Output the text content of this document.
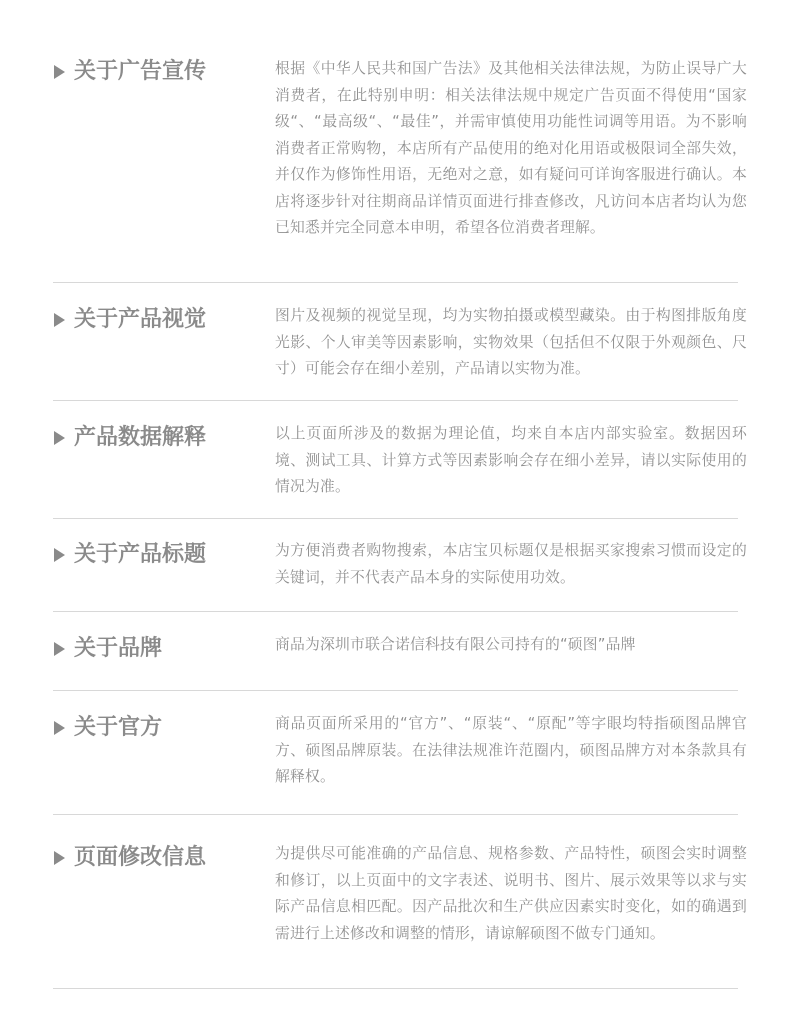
关于广告宣传	根据《中华人民共和国广告法》及其他相关法律法规，为防止误导广大消费者，在此特别申明：相关法律法规中规定广告页面不得使用“国家级“、“最高级“、“最佳”，并需审慎使用功能性词调等用语。为不影响消费者正常购物，本店所有产品使用的绝对化用语或极限词全部失效，并仅作为修饰性用语，无绝对之意，如有疑问可详询客服进行确认。本店将逐步针对往期商品详情页面进行排查修改，凡访问本店者均认为您已知悉并完全同意本申明，希望各位消费者理解。
关于产品视觉	图片及视频的视觉呈现，均为实物拍摄或模型藏染。由于构图排版角度光影、个人审美等因素影响，实物效果（包括但不仅限于外观颜色、尺寸）可能会存在细小差别，产品请以实物为准。
产品数据解释	以上页面所涉及的数据为理论值，均来自本店内部实验室。数据因环境、测试工具、计算方式等因素影响会存在细小差异，请以实际使用的情况为准。
关于产品标题	为方便消费者购物搜索，本店宝贝标题仅是根据买家搜索习惯而设定的关键词，并不代表产品本身的实际使用功效。
关于品牌	商品为深圳市联合诺信科技有限公司持有的“硕图”品牌
关于官方	商品页面所采用的“官方”、“原装“、“原配”等字眼均特指硕图品牌官方、硕图品牌原装。在法律法规准许范圈内，硕图品牌方对本条款具有解释权。
页面修改信息	为提供尽可能准确的产品信息、规格参数、产品特性，硕图会实时调整和修订，以上页面中的文字表述、说明书、图片、展示效果等以求与实际产品信息相匹配。因产品批次和生产供应因素实时变化，如的确遇到需进行上述修改和调整的情形，请谅解硕图不做专门通知。
